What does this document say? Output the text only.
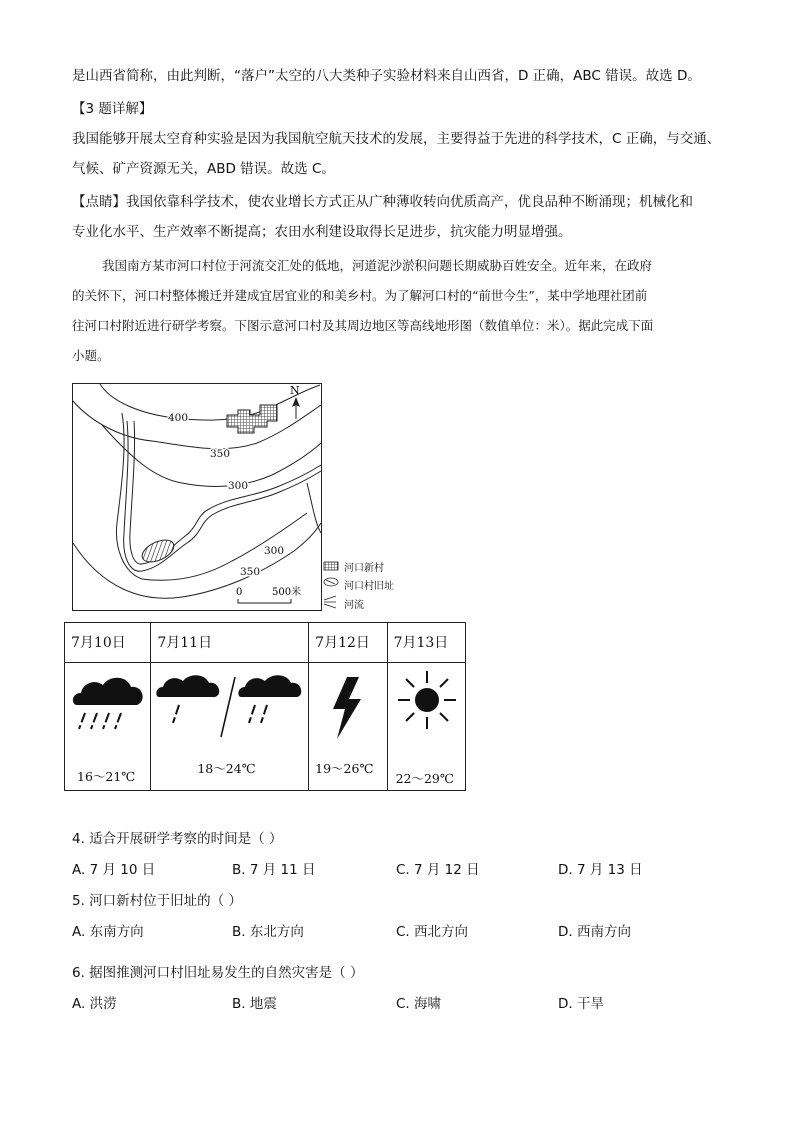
是山西省简称，由此判断，“落户”太空的八大类种子实验材料来自山西省，D 正确，ABC 错误。故选 D。
【3 题详解】
我国能够开展太空育种实验是因为我国航空航天技术的发展，主要得益于先进的科学技术，C 正确，与交通、
气候、矿产资源无关，ABD 错误。故选 C。
【点睛】我国依靠科学技术，使农业增长方式正从广种薄收转向优质高产，优良品种不断涌现；机械化和
专业化水平、生产效率不断提高；农田水利建设取得长足进步，抗灾能力明显增强。
我国南方某市河口村位于河流交汇处的低地，河道泥沙淤积问题长期威胁百姓安全。近年来，在政府
的关怀下，河口村整体搬迁并建成宜居宜业的和美乡村。为了解河口村的“前世今生”，某中学地理社团前
往河口村附近进行研学考察。下图示意河口村及其周边地区等高线地形图（数值单位：米）。据此完成下面
小题。
N
400
350
300
300
350
0	500米
河口新村
河口村旧址
河流
7月10日	7月11日	7月12日	7月13日

16～21℃	18～24℃	19～26℃	22～29℃
4. 适合开展研学考察的时间是（ ）
A. 7 月 10 日	B. 7 月 11 日	C. 7 月 12 日	D. 7 月 13 日
5. 河口新村位于旧址的（ ）
A. 东南方向	B. 东北方向	C. 西北方向	D. 西南方向
6. 据图推测河口村旧址易发生的自然灾害是（ ）
A. 洪涝	B. 地震	C. 海啸	D. 干旱
